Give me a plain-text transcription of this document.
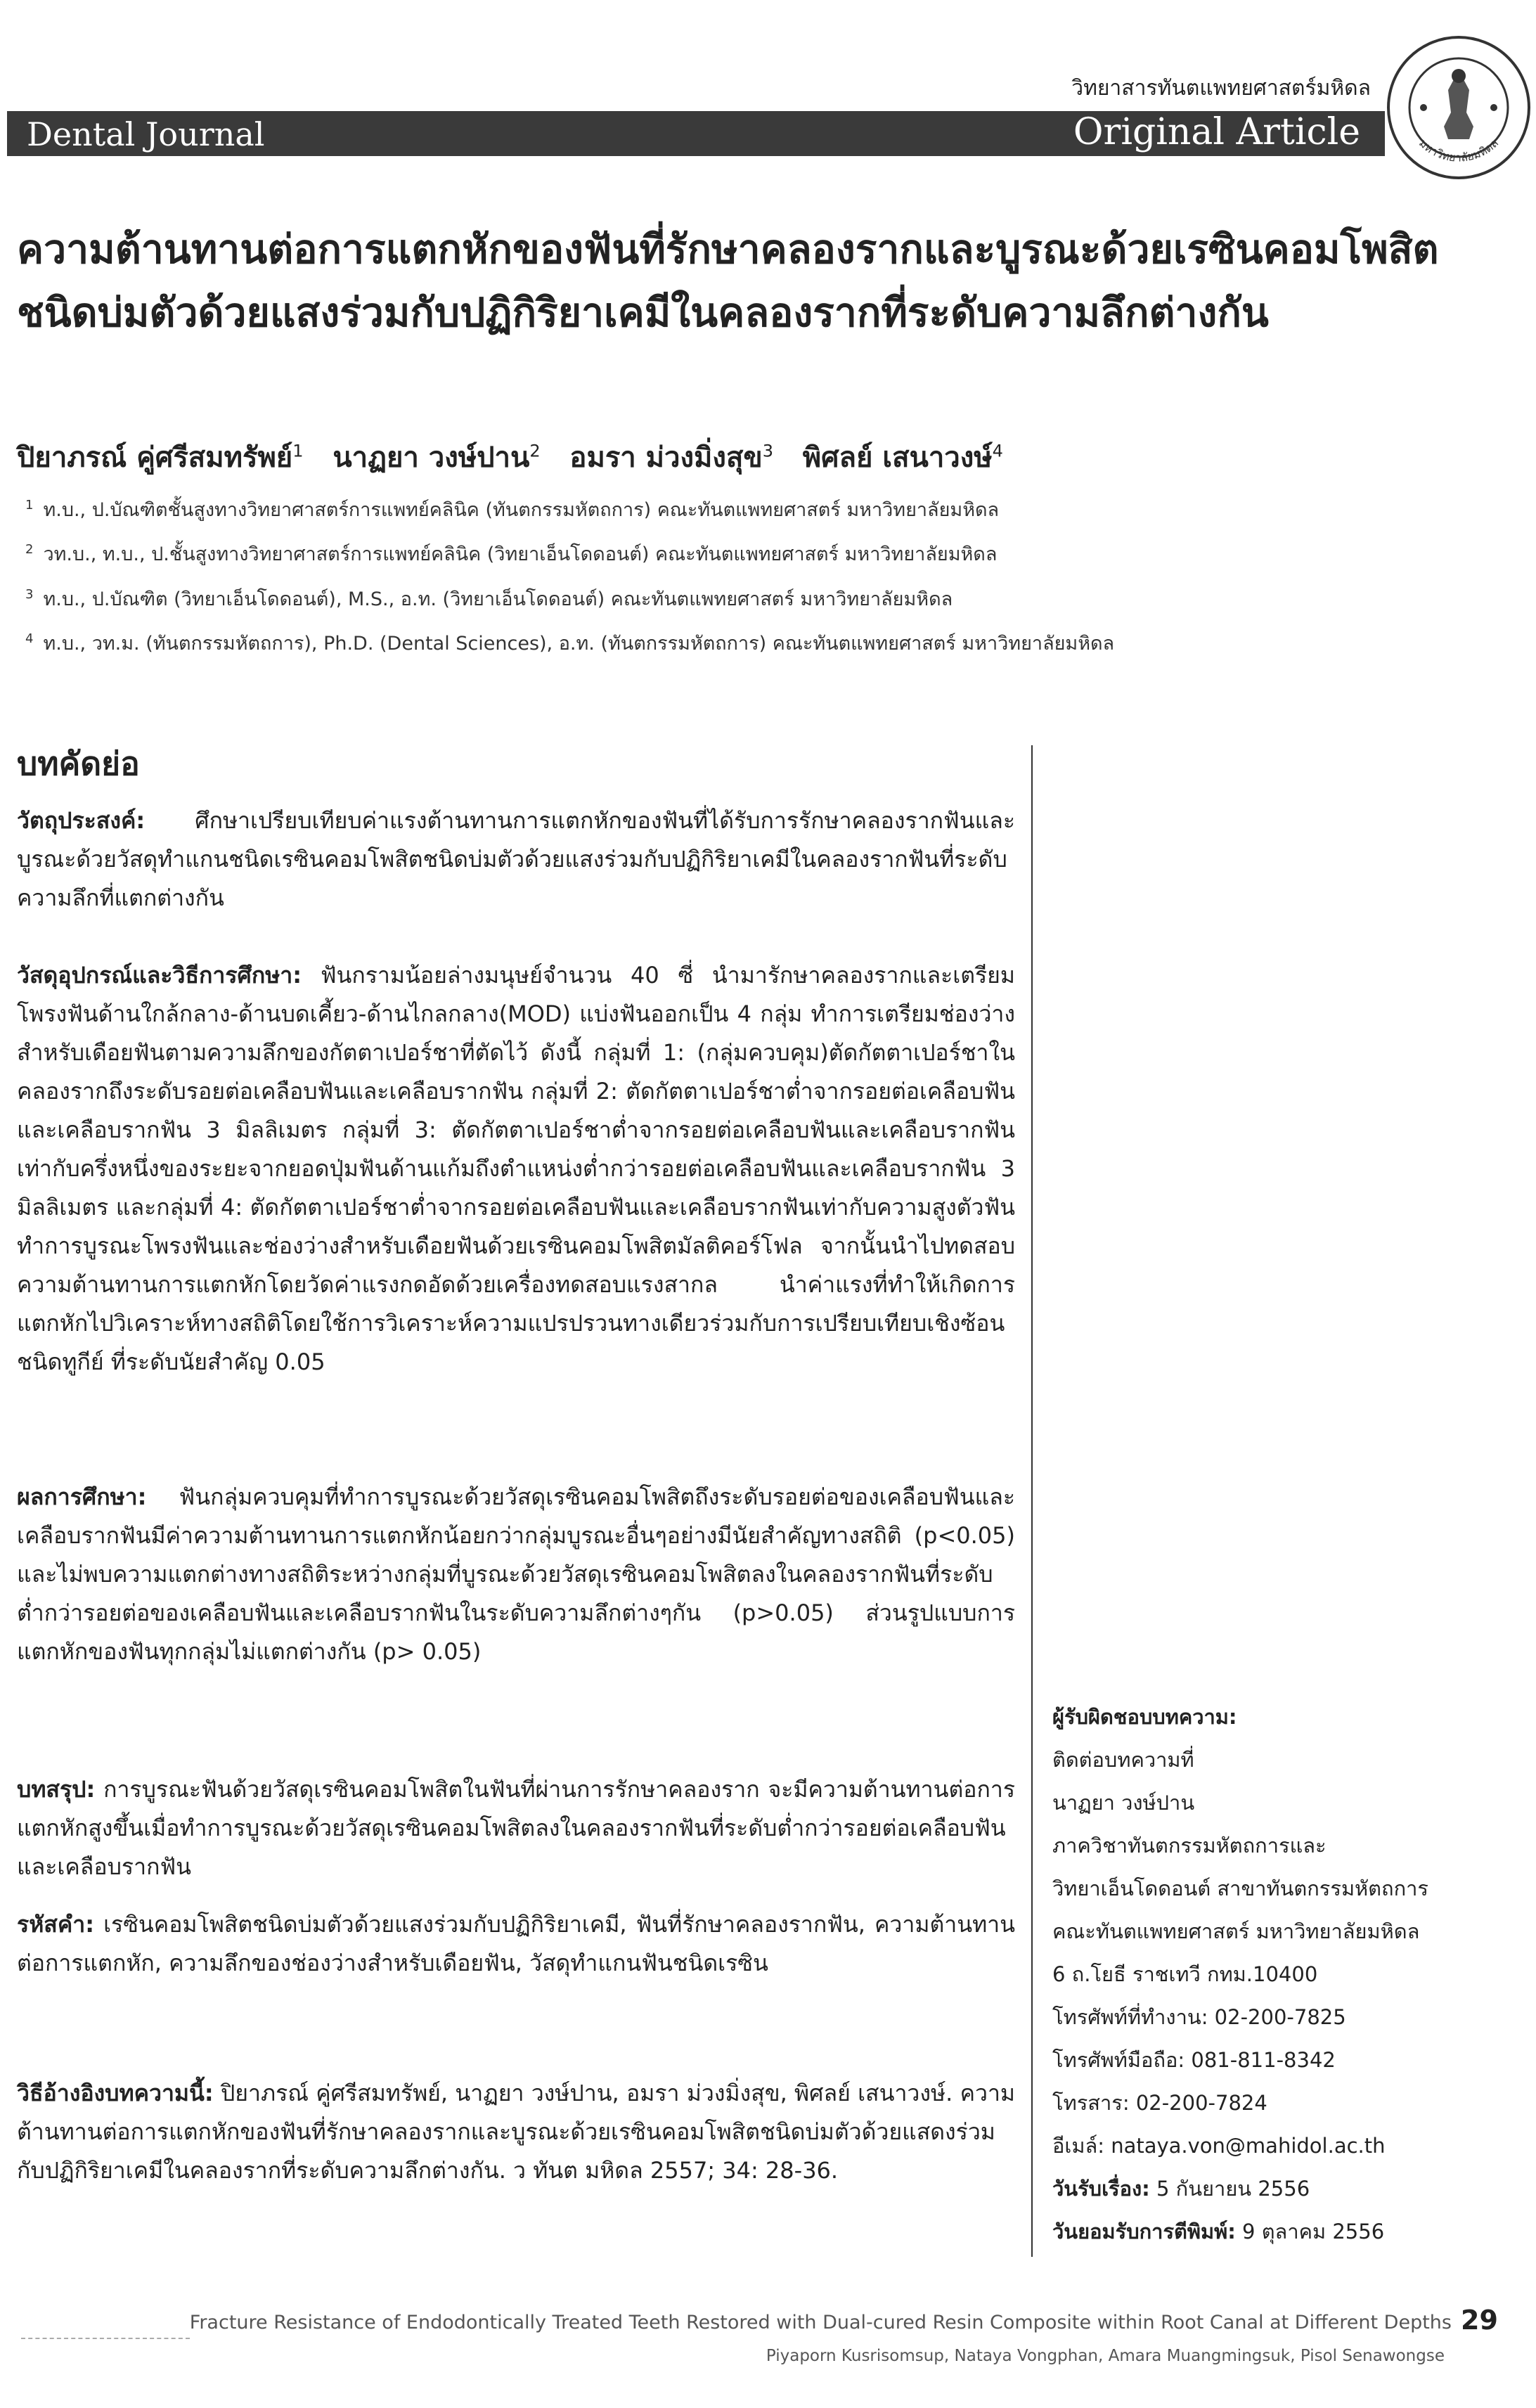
วิทยาสารทันตแพทยศาสตร์มหิดล
Dental Journal	Original Article	มหาวิทยาลัยมหิดล
ความต้านทานต่อการแตกหักของฟันที่รักษาคลองรากและบูรณะด้วยเรซินคอมโพสิตชนิดบ่มตัวด้วยแสงร่วมกับปฏิกิริยาเคมีในคลองรากที่ระดับความลึกต่างกัน
ปิยาภรณ์ คู่ศรีสมทรัพย์$^1$ นาฏยา วงษ์ปาน$^2$ อมรา ม่วงมิ่งสุข$^3$ พิศลย์ เสนาวงษ์$^4$
$^1$ ท.บ., ป.บัณฑิตชั้นสูงทางวิทยาศาสตร์การแพทย์คลินิค (ทันตกรรมหัตถการ) คณะทันตแพทยศาสตร์ มหาวิทยาลัยมหิดล
$^2$ วท.บ., ท.บ., ป.ชั้นสูงทางวิทยาศาสตร์การแพทย์คลินิค (วิทยาเอ็นโดดอนต์) คณะทันตแพทยศาสตร์ มหาวิทยาลัยมหิดล
$^3$ ท.บ., ป.บัณฑิต (วิทยาเอ็นโดดอนต์), M.S., อ.ท. (วิทยาเอ็นโดดอนต์) คณะทันตแพทยศาสตร์ มหาวิทยาลัยมหิดล
$^4$ ท.บ., วท.ม. (ทันตกรรมหัตถการ), Ph.D. (Dental Sciences), อ.ท. (ทันตกรรมหัตถการ) คณะทันตแพทยศาสตร์ มหาวิทยาลัยมหิดล
บทคัดย่อ
วัตถุประสงค์: ศึกษาเปรียบเทียบค่าแรงต้านทานการแตกหักของฟันที่ได้รับการรักษาคลองรากฟันและบูรณะด้วยวัสดุทำแกนชนิดเรซินคอมโพสิตชนิดบ่มตัวด้วยแสงร่วมกับปฏิกิริยาเคมีในคลองรากฟันที่ระดับความลึกที่แตกต่างกัน
วัสดุอุปกรณ์และวิธีการศึกษา: ฟันกรามน้อยล่างมนุษย์จำนวน 40 ซี่ นำมารักษาคลองรากและเตรียมโพรงฟันด้านใกล้กลาง-ด้านบดเคี้ยว-ด้านไกลกลาง(MOD) แบ่งฟันออกเป็น 4 กลุ่ม ทำการเตรียมช่องว่างสำหรับเดือยฟันตามความลึกของกัตตาเปอร์ชาที่ตัดไว้ ดังนี้ กลุ่มที่ 1: (กลุ่มควบคุม)ตัดกัตตาเปอร์ชาในคลองรากถึงระดับรอยต่อเคลือบฟันและเคลือบรากฟัน กลุ่มที่ 2: ตัดกัตตาเปอร์ชาต่ำจากรอยต่อเคลือบฟันและเคลือบรากฟัน 3 มิลลิเมตร กลุ่มที่ 3: ตัดกัตตาเปอร์ชาต่ำจากรอยต่อเคลือบฟันและเคลือบรากฟันเท่ากับครึ่งหนึ่งของระยะจากยอดปุ่มฟันด้านแก้มถึงตำแหน่งต่ำกว่ารอยต่อเคลือบฟันและเคลือบรากฟัน 3 มิลลิเมตร และกลุ่มที่ 4: ตัดกัตตาเปอร์ชาต่ำจากรอยต่อเคลือบฟันและเคลือบรากฟันเท่ากับความสูงตัวฟัน ทำการบูรณะโพรงฟันและช่องว่างสำหรับเดือยฟันด้วยเรซินคอมโพสิตมัลติคอร์โฟล จากนั้นนำไปทดสอบความต้านทานการแตกหักโดยวัดค่าแรงกดอัดด้วยเครื่องทดสอบแรงสากล นำค่าแรงที่ทำให้เกิดการแตกหักไปวิเคราะห์ทางสถิติโดยใช้การวิเคราะห์ความแปรปรวนทางเดียวร่วมกับการเปรียบเทียบเชิงซ้อนชนิดทูกีย์ ที่ระดับนัยสำคัญ 0.05
ผลการศึกษา: ฟันกลุ่มควบคุมที่ทำการบูรณะด้วยวัสดุเรซินคอมโพสิตถึงระดับรอยต่อของเคลือบฟันและเคลือบรากฟันมีค่าความต้านทานการแตกหักน้อยกว่ากลุ่มบูรณะอื่นๆอย่างมีนัยสำคัญทางสถิติ (p<0.05) และไม่พบความแตกต่างทางสถิติระหว่างกลุ่มที่บูรณะด้วยวัสดุเรซินคอมโพสิตลงในคลองรากฟันที่ระดับต่ำกว่ารอยต่อของเคลือบฟันและเคลือบรากฟันในระดับความลึกต่างๆกัน (p>0.05) ส่วนรูปแบบการแตกหักของฟันทุกกลุ่มไม่แตกต่างกัน (p> 0.05)
บทสรุป: การบูรณะฟันด้วยวัสดุเรซินคอมโพสิตในฟันที่ผ่านการรักษาคลองราก จะมีความต้านทานต่อการแตกหักสูงขึ้นเมื่อทำการบูรณะด้วยวัสดุเรซินคอมโพสิตลงในคลองรากฟันที่ระดับต่ำกว่ารอยต่อเคลือบฟันและเคลือบรากฟัน
รหัสคำ: เรซินคอมโพสิตชนิดบ่มตัวด้วยแสงร่วมกับปฏิกิริยาเคมี, ฟันที่รักษาคลองรากฟัน, ความต้านทานต่อการแตกหัก, ความลึกของช่องว่างสำหรับเดือยฟัน, วัสดุทำแกนฟันชนิดเรซิน
วิธีอ้างอิงบทความนี้: ปิยาภรณ์ คู่ศรีสมทรัพย์, นาฏยา วงษ์ปาน, อมรา ม่วงมิ่งสุข, พิศลย์ เสนาวงษ์. ความต้านทานต่อการแตกหักของฟันที่รักษาคลองรากและบูรณะด้วยเรซินคอมโพสิตชนิดบ่มตัวด้วยแสดงร่วมกับปฏิกิริยาเคมีในคลองรากที่ระดับความลึกต่างกัน. ว ทันต มหิดล 2557; 34: 28-36.
ผู้รับผิดชอบบทความ:
ติดต่อบทความที่
นาฏยา วงษ์ปาน
ภาควิชาทันตกรรมหัตถการและ
วิทยาเอ็นโดดอนต์ สาขาทันตกรรมหัตถการ
คณะทันตแพทยศาสตร์ มหาวิทยาลัยมหิดล
6 ถ.โยธี ราชเทวี กทม.10400
โทรศัพท์ที่ทำงาน: 02-200-7825
โทรศัพท์มือถือ: 081-811-8342
โทรสาร: 02-200-7824
อีเมล์: nataya.von@mahidol.ac.th
วันรับเรื่อง: 5 กันยายน 2556
วันยอมรับการตีพิมพ์: 9 ตุลาคม 2556
Fracture Resistance of Endodontically Treated Teeth Restored with Dual-cured Resin Composite within Root Canal at Different Depths 29
Piyaporn Kusrisomsup, Nataya Vongphan, Amara Muangmingsuk, Pisol Senawongse
